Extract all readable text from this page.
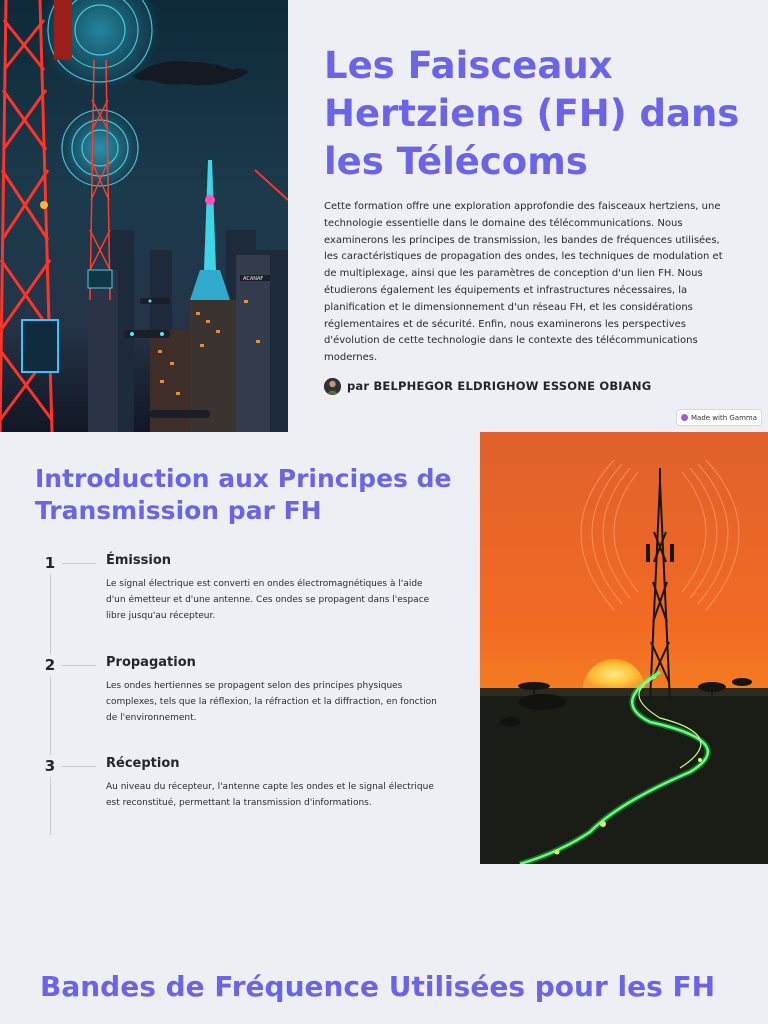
ACANAF
Les Faisceaux Hertziens (FH) dans les Télécoms

Cette formation offre une exploration approfondie des faisceaux hertziens, une technologie essentielle dans le domaine des télécommunications. Nous examinerons les principes de transmission, les bandes de fréquences utilisées, les caractéristiques de propagation des ondes, les techniques de modulation et de multiplexage, ainsi que les paramètres de conception d'un lien FH. Nous étudierons également les équipements et infrastructures nécessaires, la planification et le dimensionnement d'un réseau FH, et les considérations réglementaires et de sécurité. Enfin, nous examinerons les perspectives d'évolution de cette technologie dans le contexte des télécommunications modernes.

par BELPHEGOR ELDRIGHOW ESSONE OBIANG
Made with Gamma
Introduction aux Principes de Transmission par FH
1	Émission

Le signal électrique est converti en ondes électromagnétiques à l'aide d'un émetteur et d'une antenne. Ces ondes se propagent dans l'espace libre jusqu'au récepteur.

2	Propagation

Les ondes hertiennes se propagent selon des principes physiques complexes, tels que la réflexion, la réfraction et la diffraction, en fonction de l'environnement.

3	Réception

Au niveau du récepteur, l'antenne capte les ondes et le signal électrique est reconstitué, permettant la transmission d'informations.

Bandes de Fréquence Utilisées pour les FH
